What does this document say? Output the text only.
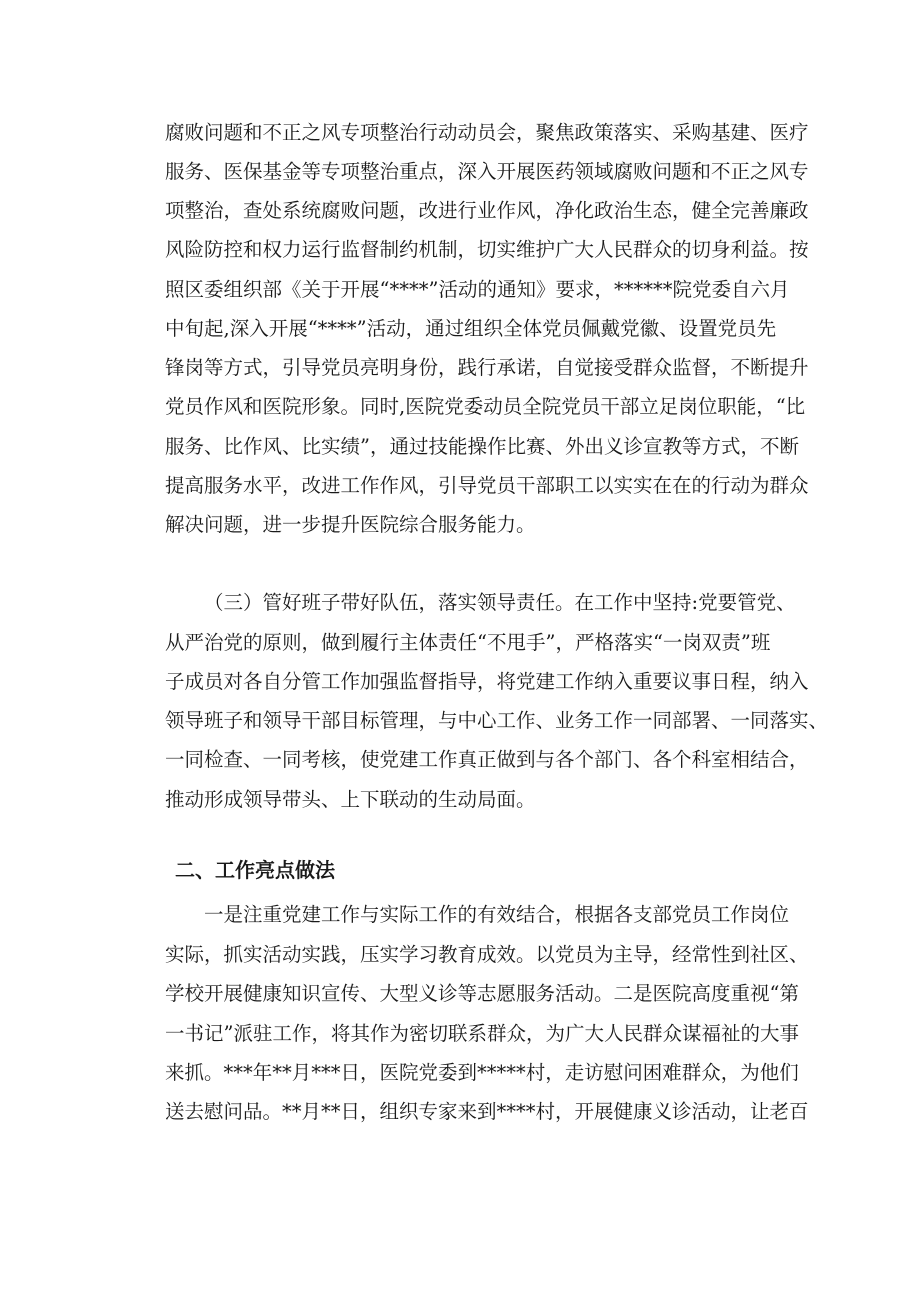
腐败问题和不正之风专项整治行动动员会，聚焦政策落实、采购基建、医疗
服务、医保基金等专项整治重点，深入开展医药领域腐败问题和不正之风专
项整治，查处系统腐败问题，改进行业作风，净化政治生态，健全完善廉政
风险防控和权力运行监督制约机制，切实维护广大人民群众的切身利益。按
照区委组织部《关于开展“****”活动的通知》要求，******院党委自六月
中旬起,深入开展“****”活动，通过组织全体党员佩戴党徽、设置党员先
锋岗等方式，引导党员亮明身份，践行承诺，自觉接受群众监督，不断提升
党员作风和医院形象。同时,医院党委动员全院党员干部立足岗位职能，“比
服务、比作风、比实绩”，通过技能操作比赛、外出义诊宣教等方式，不断
提高服务水平，改进工作作风，引导党员干部职工以实实在在的行动为群众
解决问题，进一步提升医院综合服务能力。
（三）管好班子带好队伍，落实领导责任。在工作中坚持:党要管党、
从严治党的原则，做到履行主体责任“不甩手”，严格落实“一岗双责”班
子成员对各自分管工作加强监督指导，将党建工作纳入重要议事日程，纳入
领导班子和领导干部目标管理，与中心工作、业务工作一同部署、一同落实、
一同检查、一同考核，使党建工作真正做到与各个部门、各个科室相结合，
推动形成领导带头、上下联动的生动局面。
二、工作亮点做法
一是注重党建工作与实际工作的有效结合，根据各支部党员工作岗位
实际，抓实活动实践，压实学习教育成效。以党员为主导，经常性到社区、
学校开展健康知识宣传、大型义诊等志愿服务活动。二是医院高度重视“第
一书记”派驻工作，将其作为密切联系群众，为广大人民群众谋福祉的大事
来抓。***年**月***日，医院党委到*****村，走访慰问困难群众，为他们
送去慰问品。**月**日，组织专家来到****村，开展健康义诊活动，让老百
